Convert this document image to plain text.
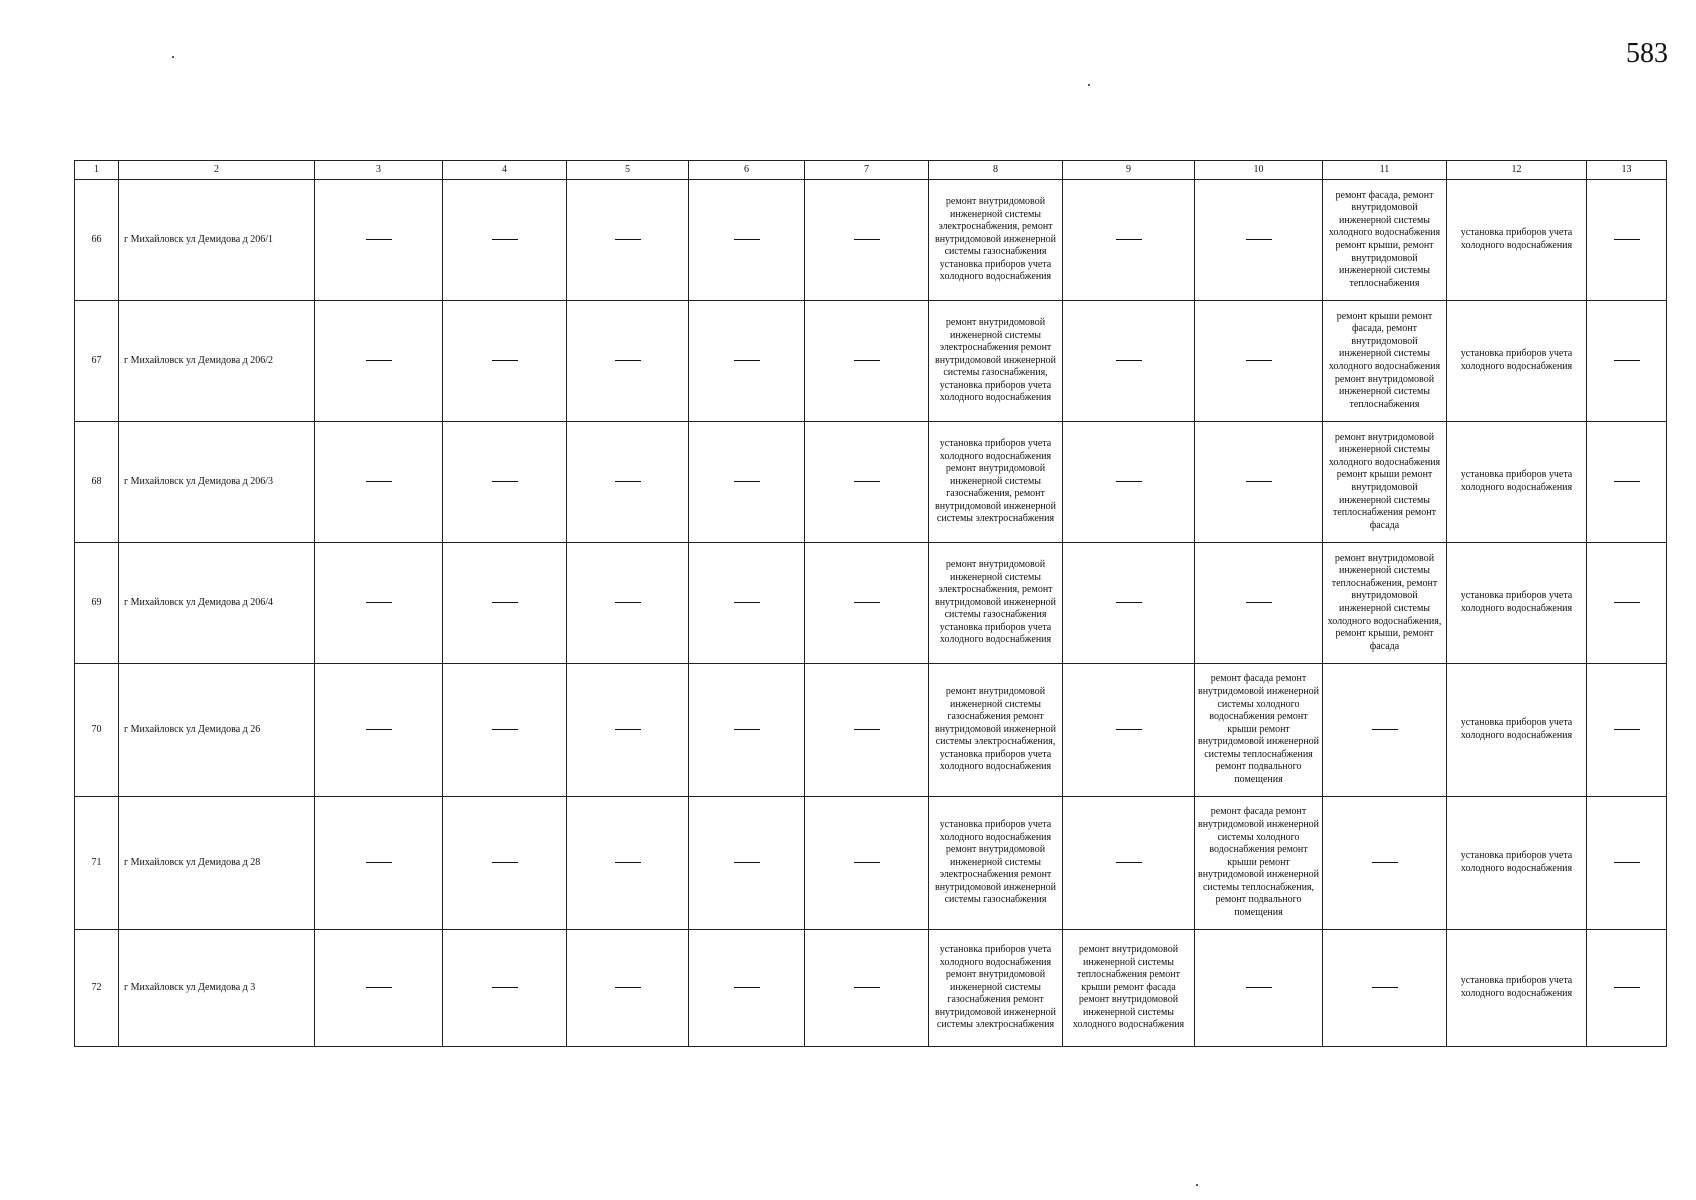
583
1	2	3	4	5	6	7	8	9	10	11	12	13
66	г Михайловск ул Демидова д 206/1						ремонт внутридомовой инженерной системы электроснабжения, ремонт внутридомовой инженерной системы газоснабжения установка приборов учета холодного водоснабжения			ремонт фасада, ремонт внутридомовой инженерной системы холодного водоснабжения ремонт крыши, ремонт внутридомовой инженерной системы теплоснабжения	установка приборов учета холодного водоснабжения	
67	г Михайловск ул Демидова д 206/2						ремонт внутридомовой инженерной системы электроснабжения ремонт внутридомовой инженерной системы газоснабжения, установка приборов учета холодного водоснабжения			ремонт крыши ремонт фасада, ремонт внутридомовой инженерной системы холодного водоснабжения ремонт внутридомовой инженерной системы теплоснабжения	установка приборов учета холодного водоснабжения	
68	г Михайловск ул Демидова д 206/3						установка приборов учета холодного водоснабжения ремонт внутридомовой инженерной системы газоснабжения, ремонт внутридомовой инженерной системы электроснабжения			ремонт внутридомовой инженерной системы холодного водоснабжения ремонт крыши ремонт внутридомовой инженерной системы теплоснабжения ремонт фасада	установка приборов учета холодного водоснабжения	
69	г Михайловск ул Демидова д 206/4						ремонт внутридомовой инженерной системы электроснабжения, ремонт внутридомовой инженерной системы газоснабжения установка приборов учета холодного водоснабжения			ремонт внутридомовой инженерной системы теплоснабжения, ремонт внутридомовой инженерной системы холодного водоснабжения, ремонт крыши, ремонт фасада	установка приборов учета холодного водоснабжения	
70	г Михайловск ул Демидова д 26						ремонт внутридомовой инженерной системы газоснабжения ремонт внутридомовой инженерной системы электроснабжения, установка приборов учета холодного водоснабжения		ремонт фасада ремонт внутридомовой инженерной системы холодного водоснабжения ремонт крыши ремонт внутридомовой инженерной системы теплоснабжения ремонт подвального помещения		установка приборов учета холодного водоснабжения	
71	г Михайловск ул Демидова д 28						установка приборов учета холодного водоснабжения ремонт внутридомовой инженерной системы электроснабжения ремонт внутридомовой инженерной системы газоснабжения		ремонт фасада ремонт внутридомовой инженерной системы холодного водоснабжения ремонт крыши ремонт внутридомовой инженерной системы теплоснабжения, ремонт подвального помещения		установка приборов учета холодного водоснабжения	
72	г Михайловск ул Демидова д 3						установка приборов учета холодного водоснабжения ремонт внутридомовой инженерной системы газоснабжения ремонт внутридомовой инженерной системы электроснабжения	ремонт внутридомовой инженерной системы теплоснабжения ремонт крыши ремонт фасада ремонт внутридомовой инженерной системы холодного водоснабжения			установка приборов учета холодного водоснабжения	
